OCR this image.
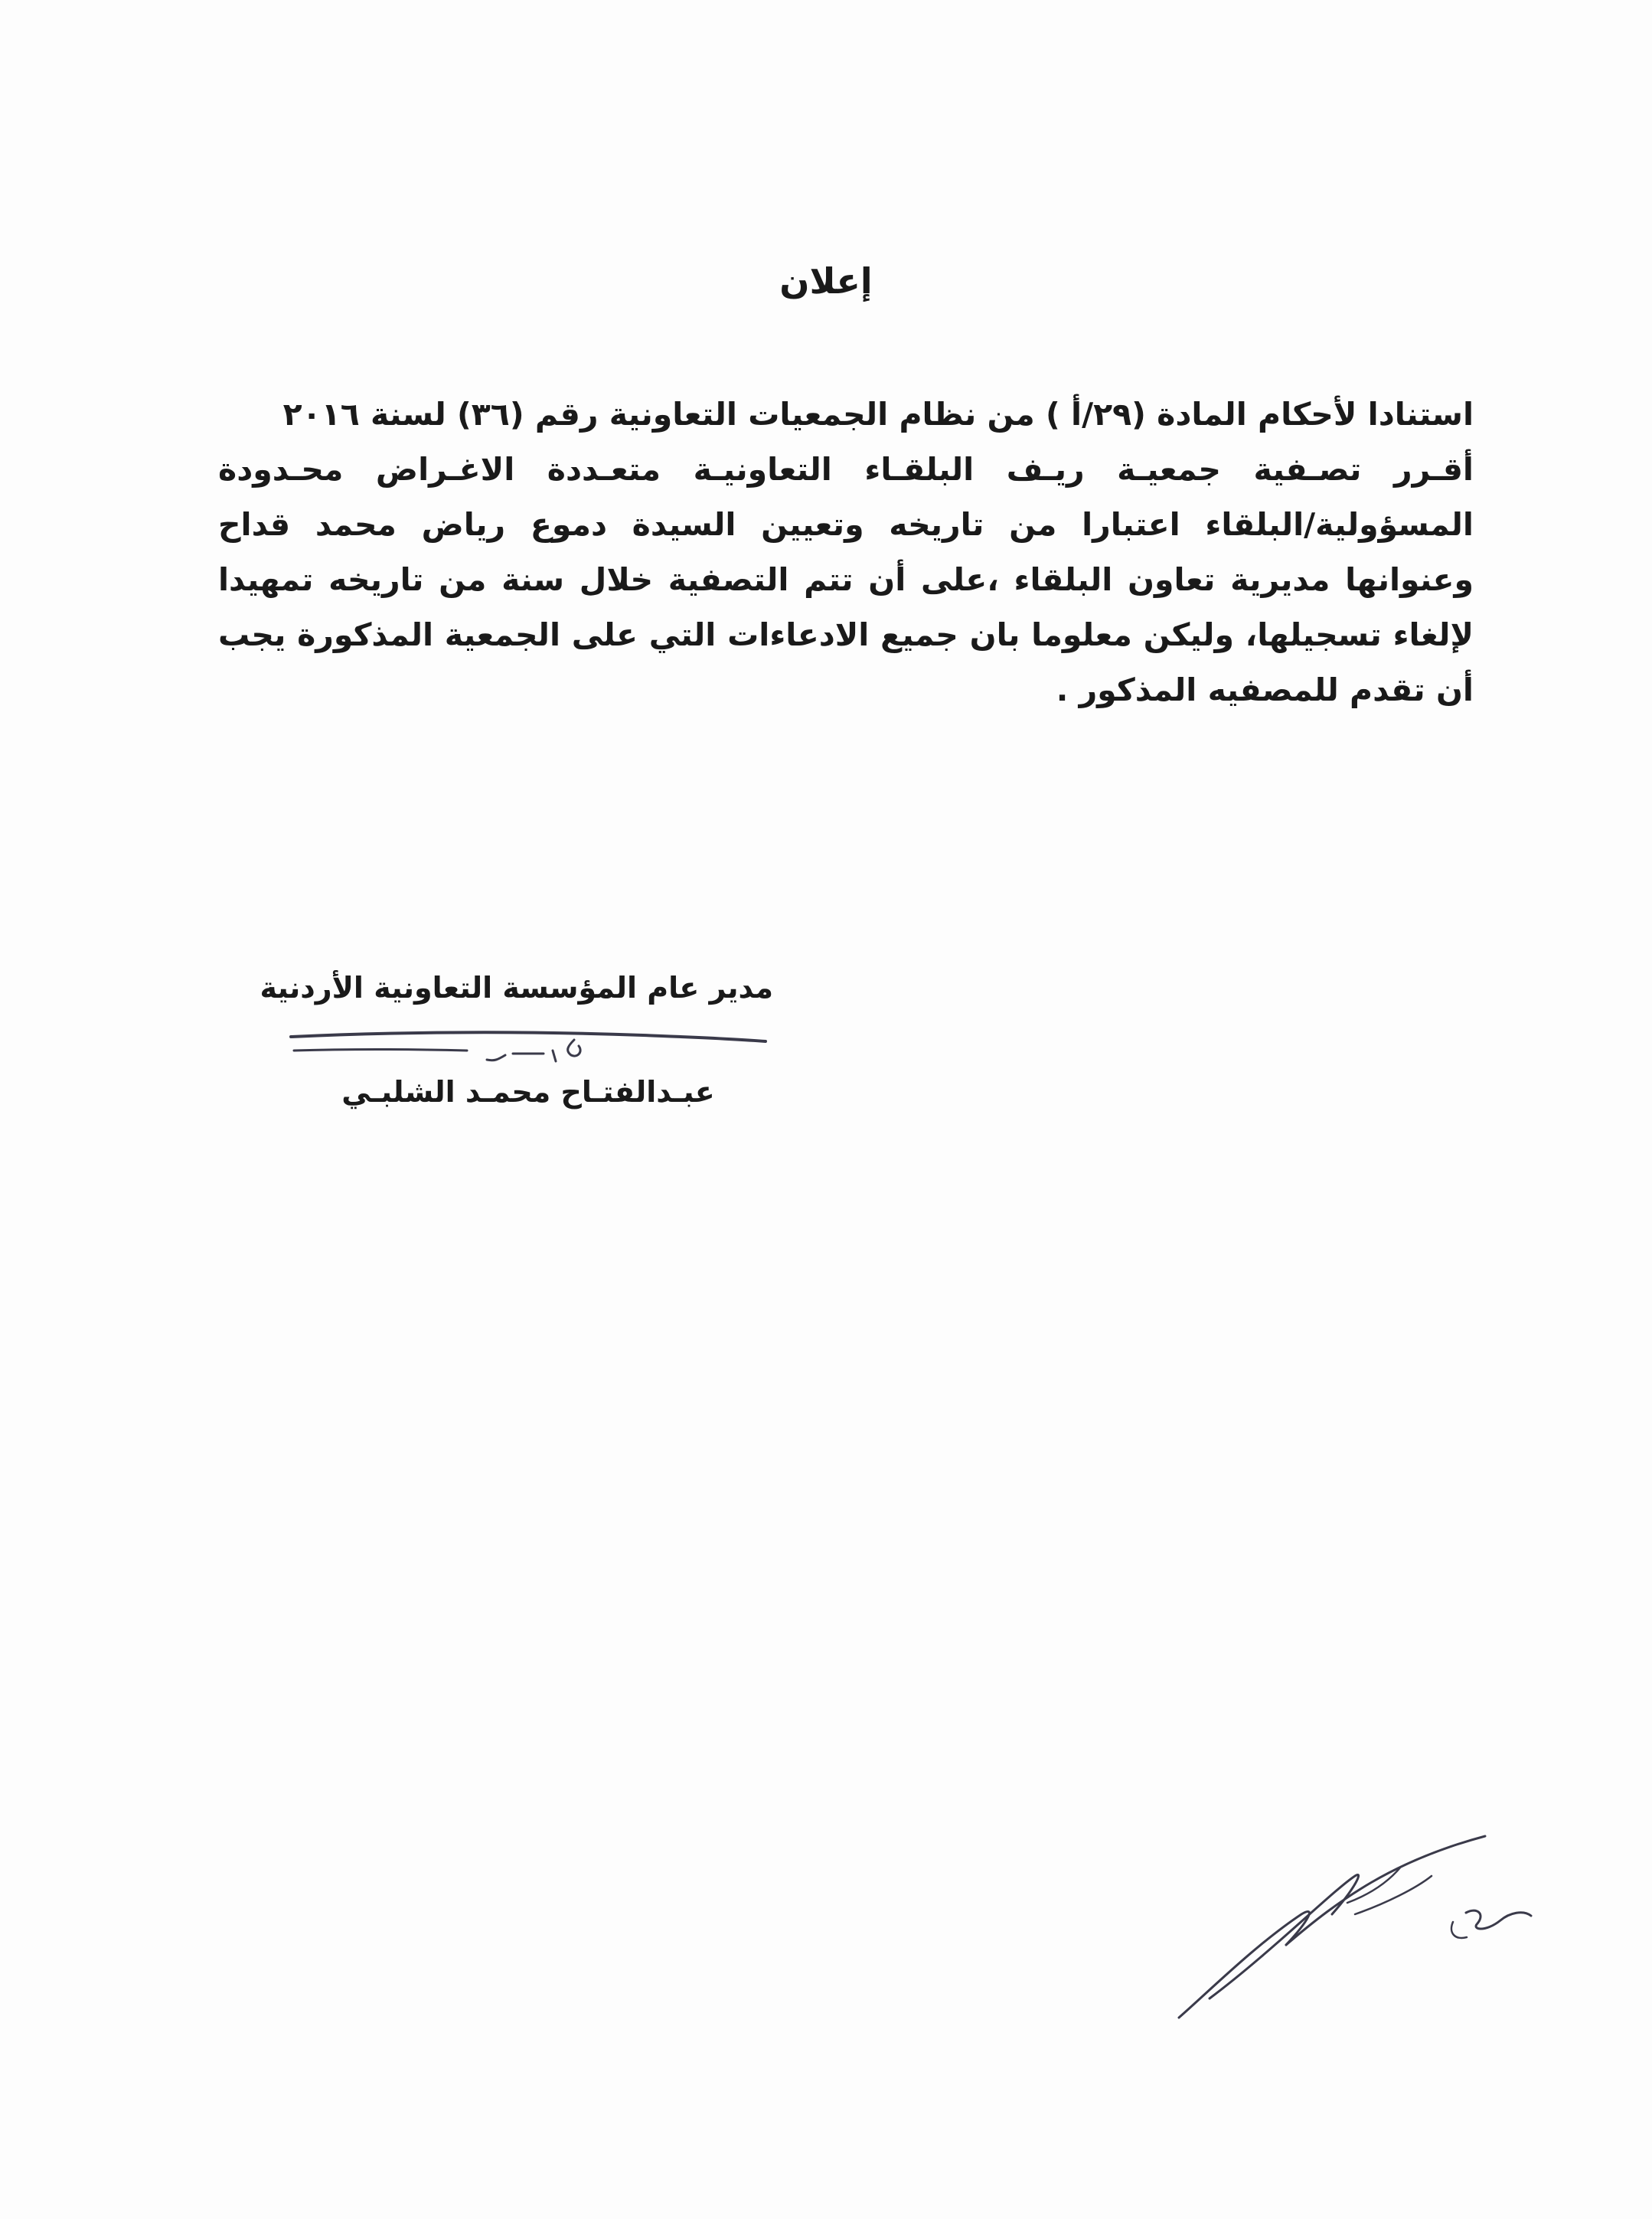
إعلان

استنادا لأحكام المادة (٢٩/أ ) من نظام الجمعيات التعاونية رقم (٣٦) لسنة ٢٠١٦

أقـرر تصـفية جمعيـة ريـف البلقـاء التعاونيـة متعـددة الاغـراض محـدودة المسؤولية/البلقاء اعتبارا من تاريخه وتعيين السيدة دموع رياض محمد قداح وعنوانها مديرية تعاون البلقاء ،على أن تتم التصفية خلال سنة من تاريخه تمهيدا لإلغاء تسجيلها، وليكن معلوما بان جميع الادعاءات التي على الجمعية المذكورة يجب أن تقدم للمصفيه المذكور .

مدير عام المؤسسة التعاونية الأردنية

عبـدالفتـاح محمـد الشلبـي
